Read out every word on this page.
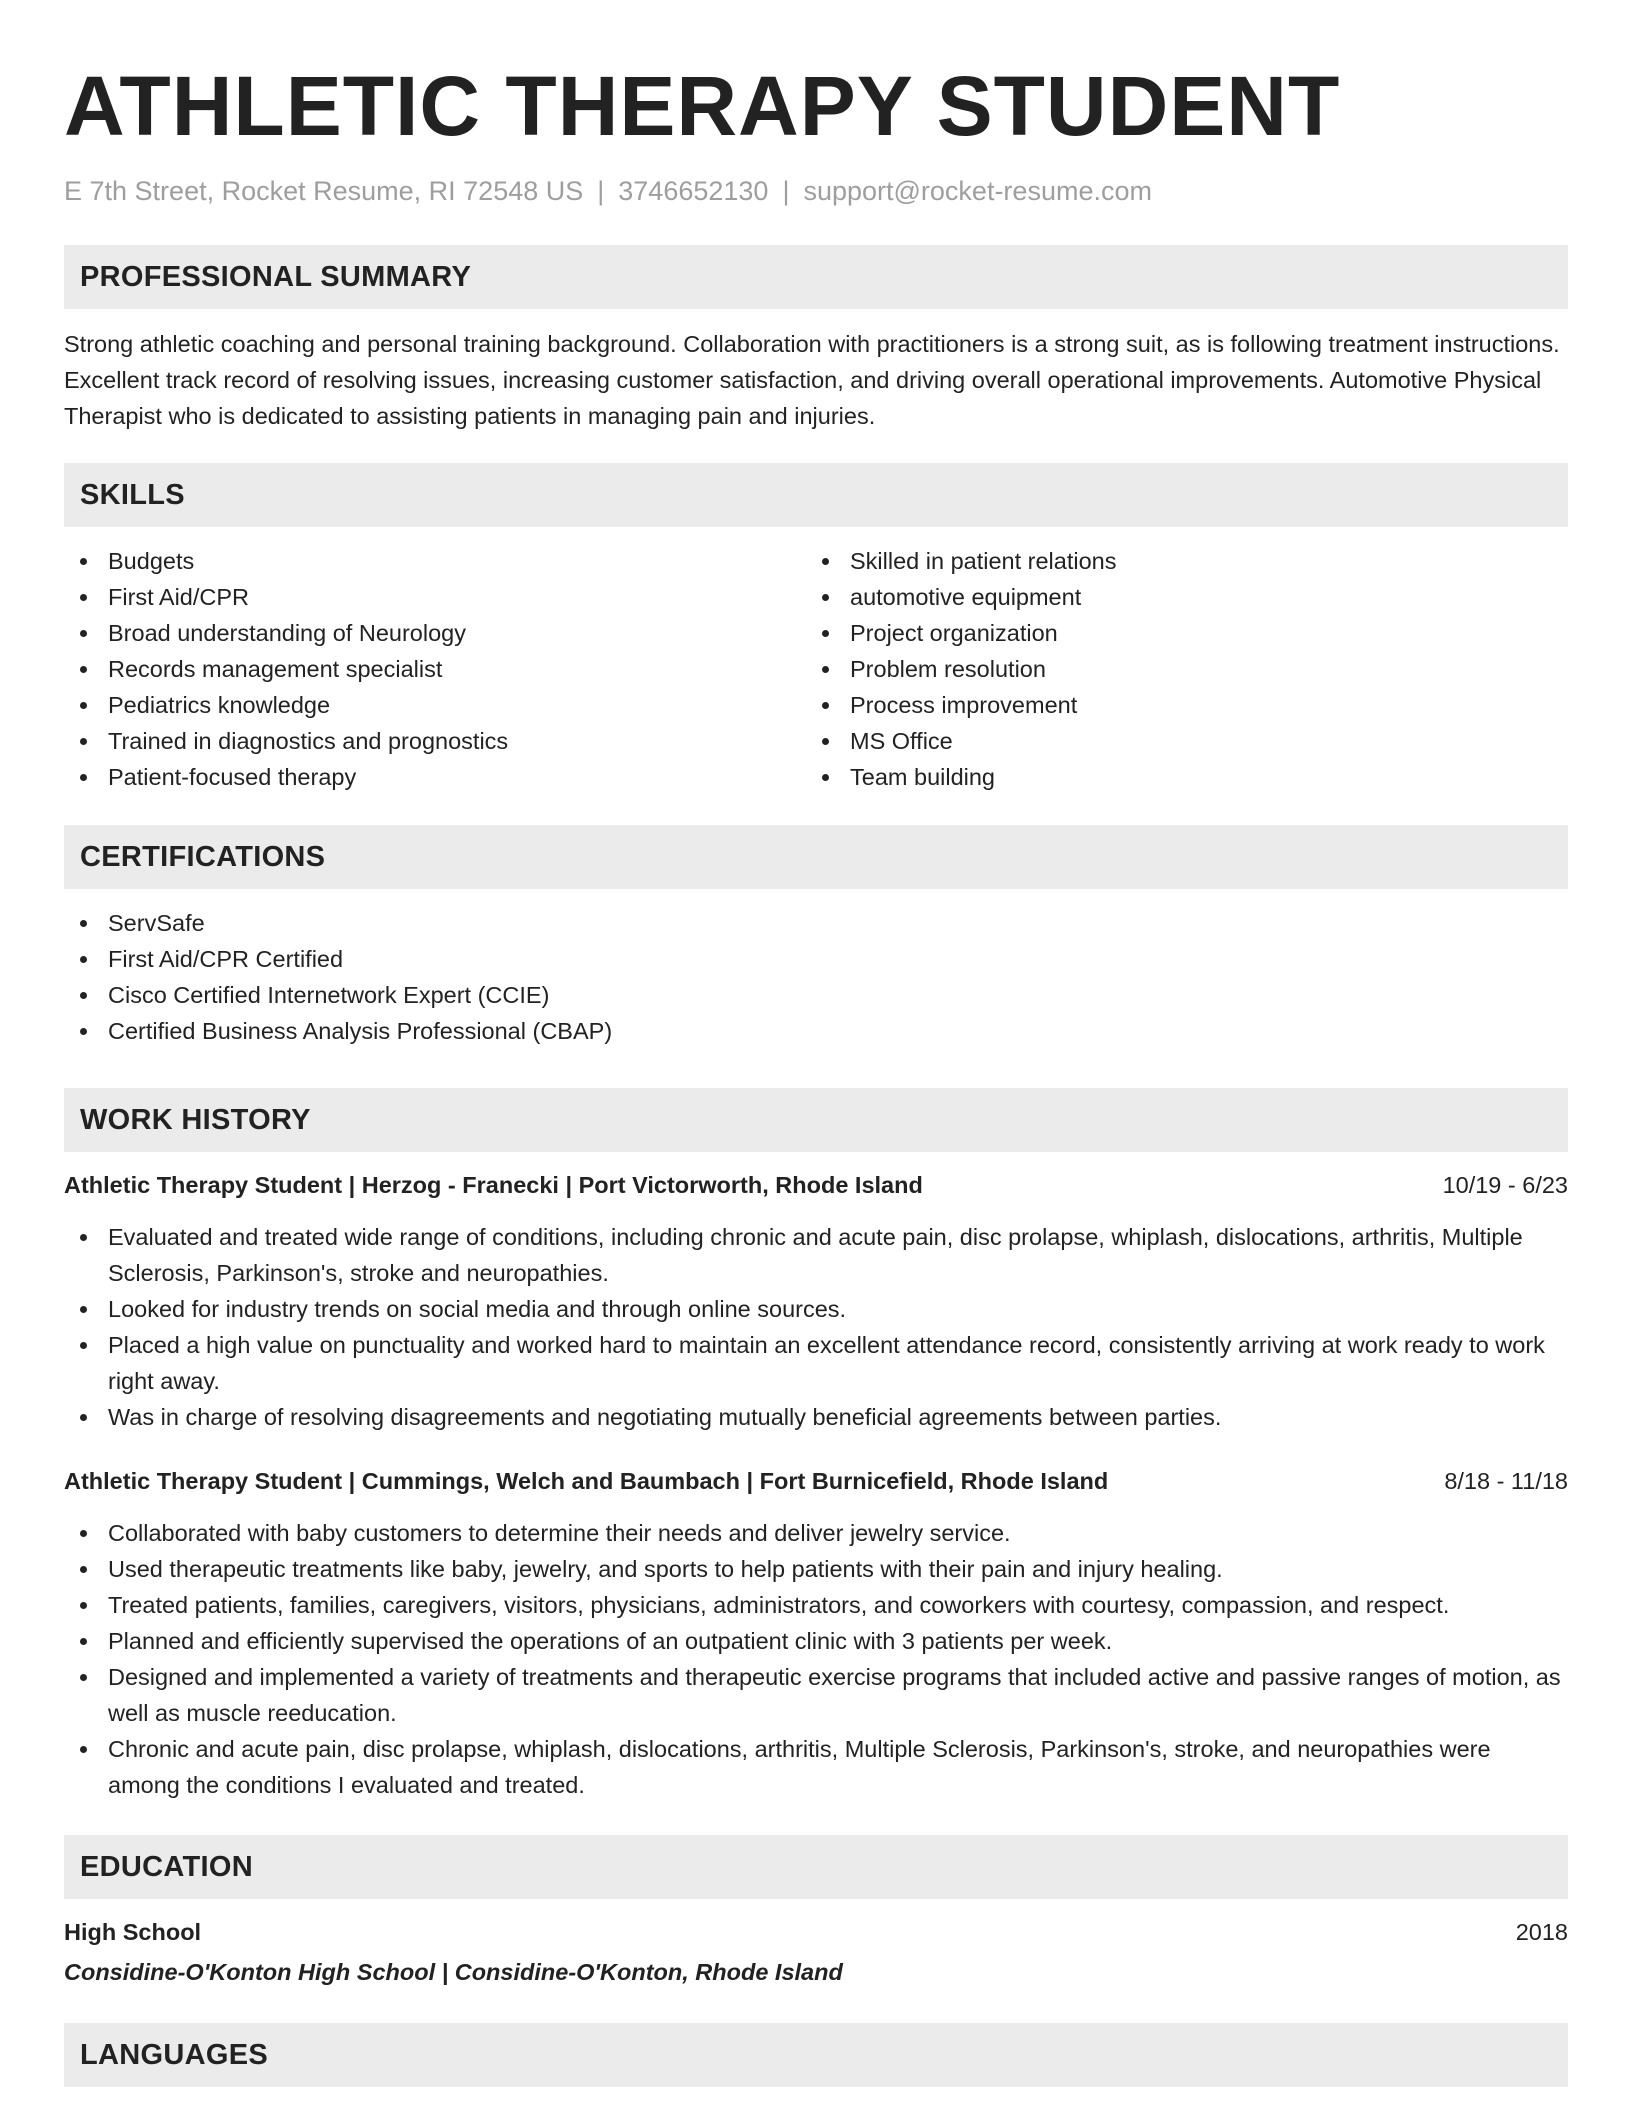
ATHLETIC THERAPY STUDENT
E 7th Street, Rocket Resume, RI 72548 US | 3746652130 | support@rocket-resume.com
PROFESSIONAL SUMMARY

Strong athletic coaching and personal training background. Collaboration with practitioners is a strong suit, as is following treatment instructions. Excellent track record of resolving issues, increasing customer satisfaction, and driving overall operational improvements. Automotive Physical Therapist who is dedicated to assisting patients in managing pain and injuries.

SKILLS
Budgets
First Aid/CPR
Broad understanding of Neurology
Records management specialist
Pediatrics knowledge
Trained in diagnostics and prognostics
Patient-focused therapy
Skilled in patient relations
automotive equipment
Project organization
Problem resolution
Process improvement
MS Office
Team building
CERTIFICATIONS
ServSafe
First Aid/CPR Certified
Cisco Certified Internetwork Expert (CCIE)
Certified Business Analysis Professional (CBAP)
WORK HISTORY
Athletic Therapy Student | Herzog - Franecki | Port Victorworth, Rhode Island	10/19 - 6/23
Evaluated and treated wide range of conditions, including chronic and acute pain, disc prolapse, whiplash, dislocations, arthritis, Multiple Sclerosis, Parkinson's, stroke and neuropathies.
Looked for industry trends on social media and through online sources.
Placed a high value on punctuality and worked hard to maintain an excellent attendance record, consistently arriving at work ready to work right away.
Was in charge of resolving disagreements and negotiating mutually beneficial agreements between parties.
Athletic Therapy Student | Cummings, Welch and Baumbach | Fort Burnicefield, Rhode Island	8/18 - 11/18
Collaborated with baby customers to determine their needs and deliver jewelry service.
Used therapeutic treatments like baby, jewelry, and sports to help patients with their pain and injury healing.
Treated patients, families, caregivers, visitors, physicians, administrators, and coworkers with courtesy, compassion, and respect.
Planned and efficiently supervised the operations of an outpatient clinic with 3 patients per week.
Designed and implemented a variety of treatments and therapeutic exercise programs that included active and passive ranges of motion, as well as muscle reeducation.
Chronic and acute pain, disc prolapse, whiplash, dislocations, arthritis, Multiple Sclerosis, Parkinson's, stroke, and neuropathies were among the conditions I evaluated and treated.
EDUCATION
High School	2018
Considine-O'Konton High School | Considine-O'Konton, Rhode Island
LANGUAGES
